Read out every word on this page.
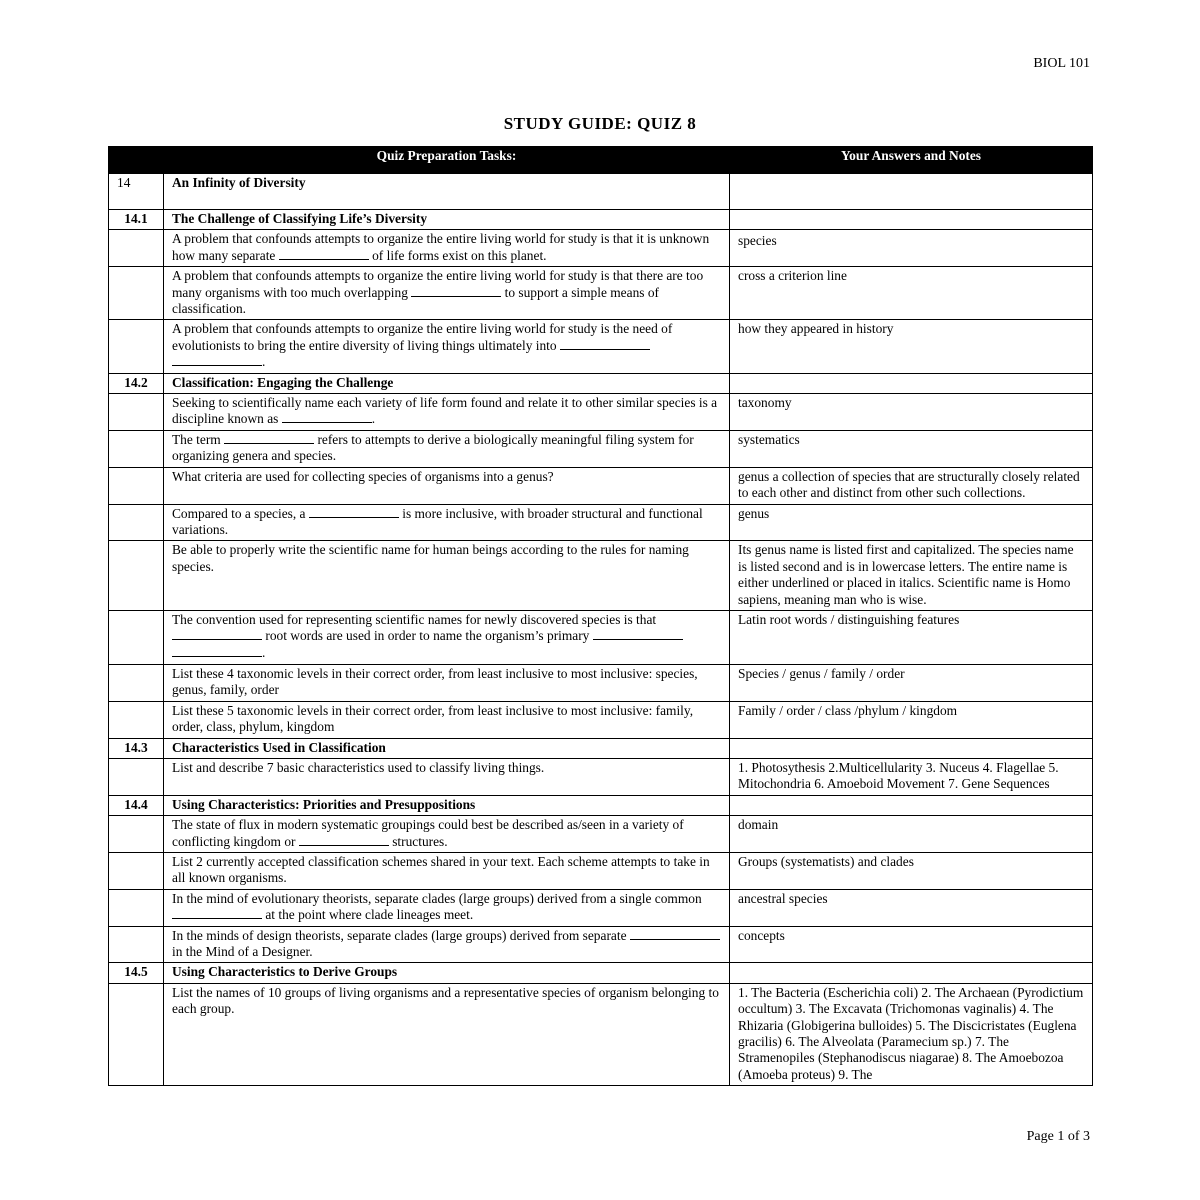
BIOL 101
STUDY GUIDE: QUIZ 8
	Quiz Preparation Tasks:	Your Answers and Notes
14	An Infinity of Diversity	
14.1	The Challenge of Classifying Life’s Diversity	
	A problem that confounds attempts to organize the entire living world for study is that it is unknown how many separate of life forms exist on this planet.	species
	A problem that confounds attempts to organize the entire living world for study is that there are too many organisms with too much overlapping to support a simple means of classification.	cross a criterion line
	A problem that confounds attempts to organize the entire living world for study is the need of evolutionists to bring the entire diversity of living things ultimately into  .	how they appeared in history
14.2	Classification: Engaging the Challenge	
	Seeking to scientifically name each variety of life form found and relate it to other similar species is a discipline known as .	taxonomy
	The term refers to attempts to derive a biologically meaningful filing system for organizing genera and species.	systematics
	What criteria are used for collecting species of organisms into a genus?	genus a collection of species that are structurally closely related to each other and distinct from other such collections.
	Compared to a species, a is more inclusive, with broader structural and functional variations.	genus
	Be able to properly write the scientific name for human beings according to the rules for naming species.	Its genus name is listed first and capitalized. The species name is listed second and is in lowercase letters. The entire name is either underlined or placed in italics. Scientific name is Homo sapiens, meaning man who is wise.
	The convention used for representing scientific names for newly discovered species is that  root words are used in order to name the organism’s primary  .	Latin root words / distinguishing features
	List these 4 taxonomic levels in their correct order, from least inclusive to most inclusive: species, genus, family, order	Species / genus / family / order
	List these 5 taxonomic levels in their correct order, from least inclusive to most inclusive: family, order, class, phylum, kingdom	Family / order / class /phylum / kingdom
14.3	Characteristics Used in Classification	
	List and describe 7 basic characteristics used to classify living things.	1. Photosythesis 2.Multicellularity 3. Nuceus 4. Flagellae 5. Mitochondria 6. Amoeboid Movement 7. Gene Sequences
14.4	Using Characteristics: Priorities and Presuppositions	
	The state of flux in modern systematic groupings could best be described as/seen in a variety of conflicting kingdom or structures.	domain
	List 2 currently accepted classification schemes shared in your text. Each scheme attempts to take in all known organisms.	Groups (systematists) and clades
	In the mind of evolutionary theorists, separate clades (large groups) derived from a single common  at the point where clade lineages meet.	ancestral species
	In the minds of design theorists, separate clades (large groups) derived from separate  in the Mind of a Designer.	concepts
14.5	Using Characteristics to Derive Groups	
	List the names of 10 groups of living organisms and a representative species of organism belonging to each group.	1. The Bacteria (Escherichia coli) 2. The Archaean (Pyrodictium occultum) 3. The Excavata (Trichomonas vaginalis) 4. The Rhizaria (Globigerina bulloides) 5. The Discicristates (Euglena gracilis) 6. The Alveolata (Paramecium sp.) 7. The Stramenopiles (Stephanodiscus niagarae) 8. The Amoebozoa (Amoeba proteus) 9. The
Page 1 of 3
